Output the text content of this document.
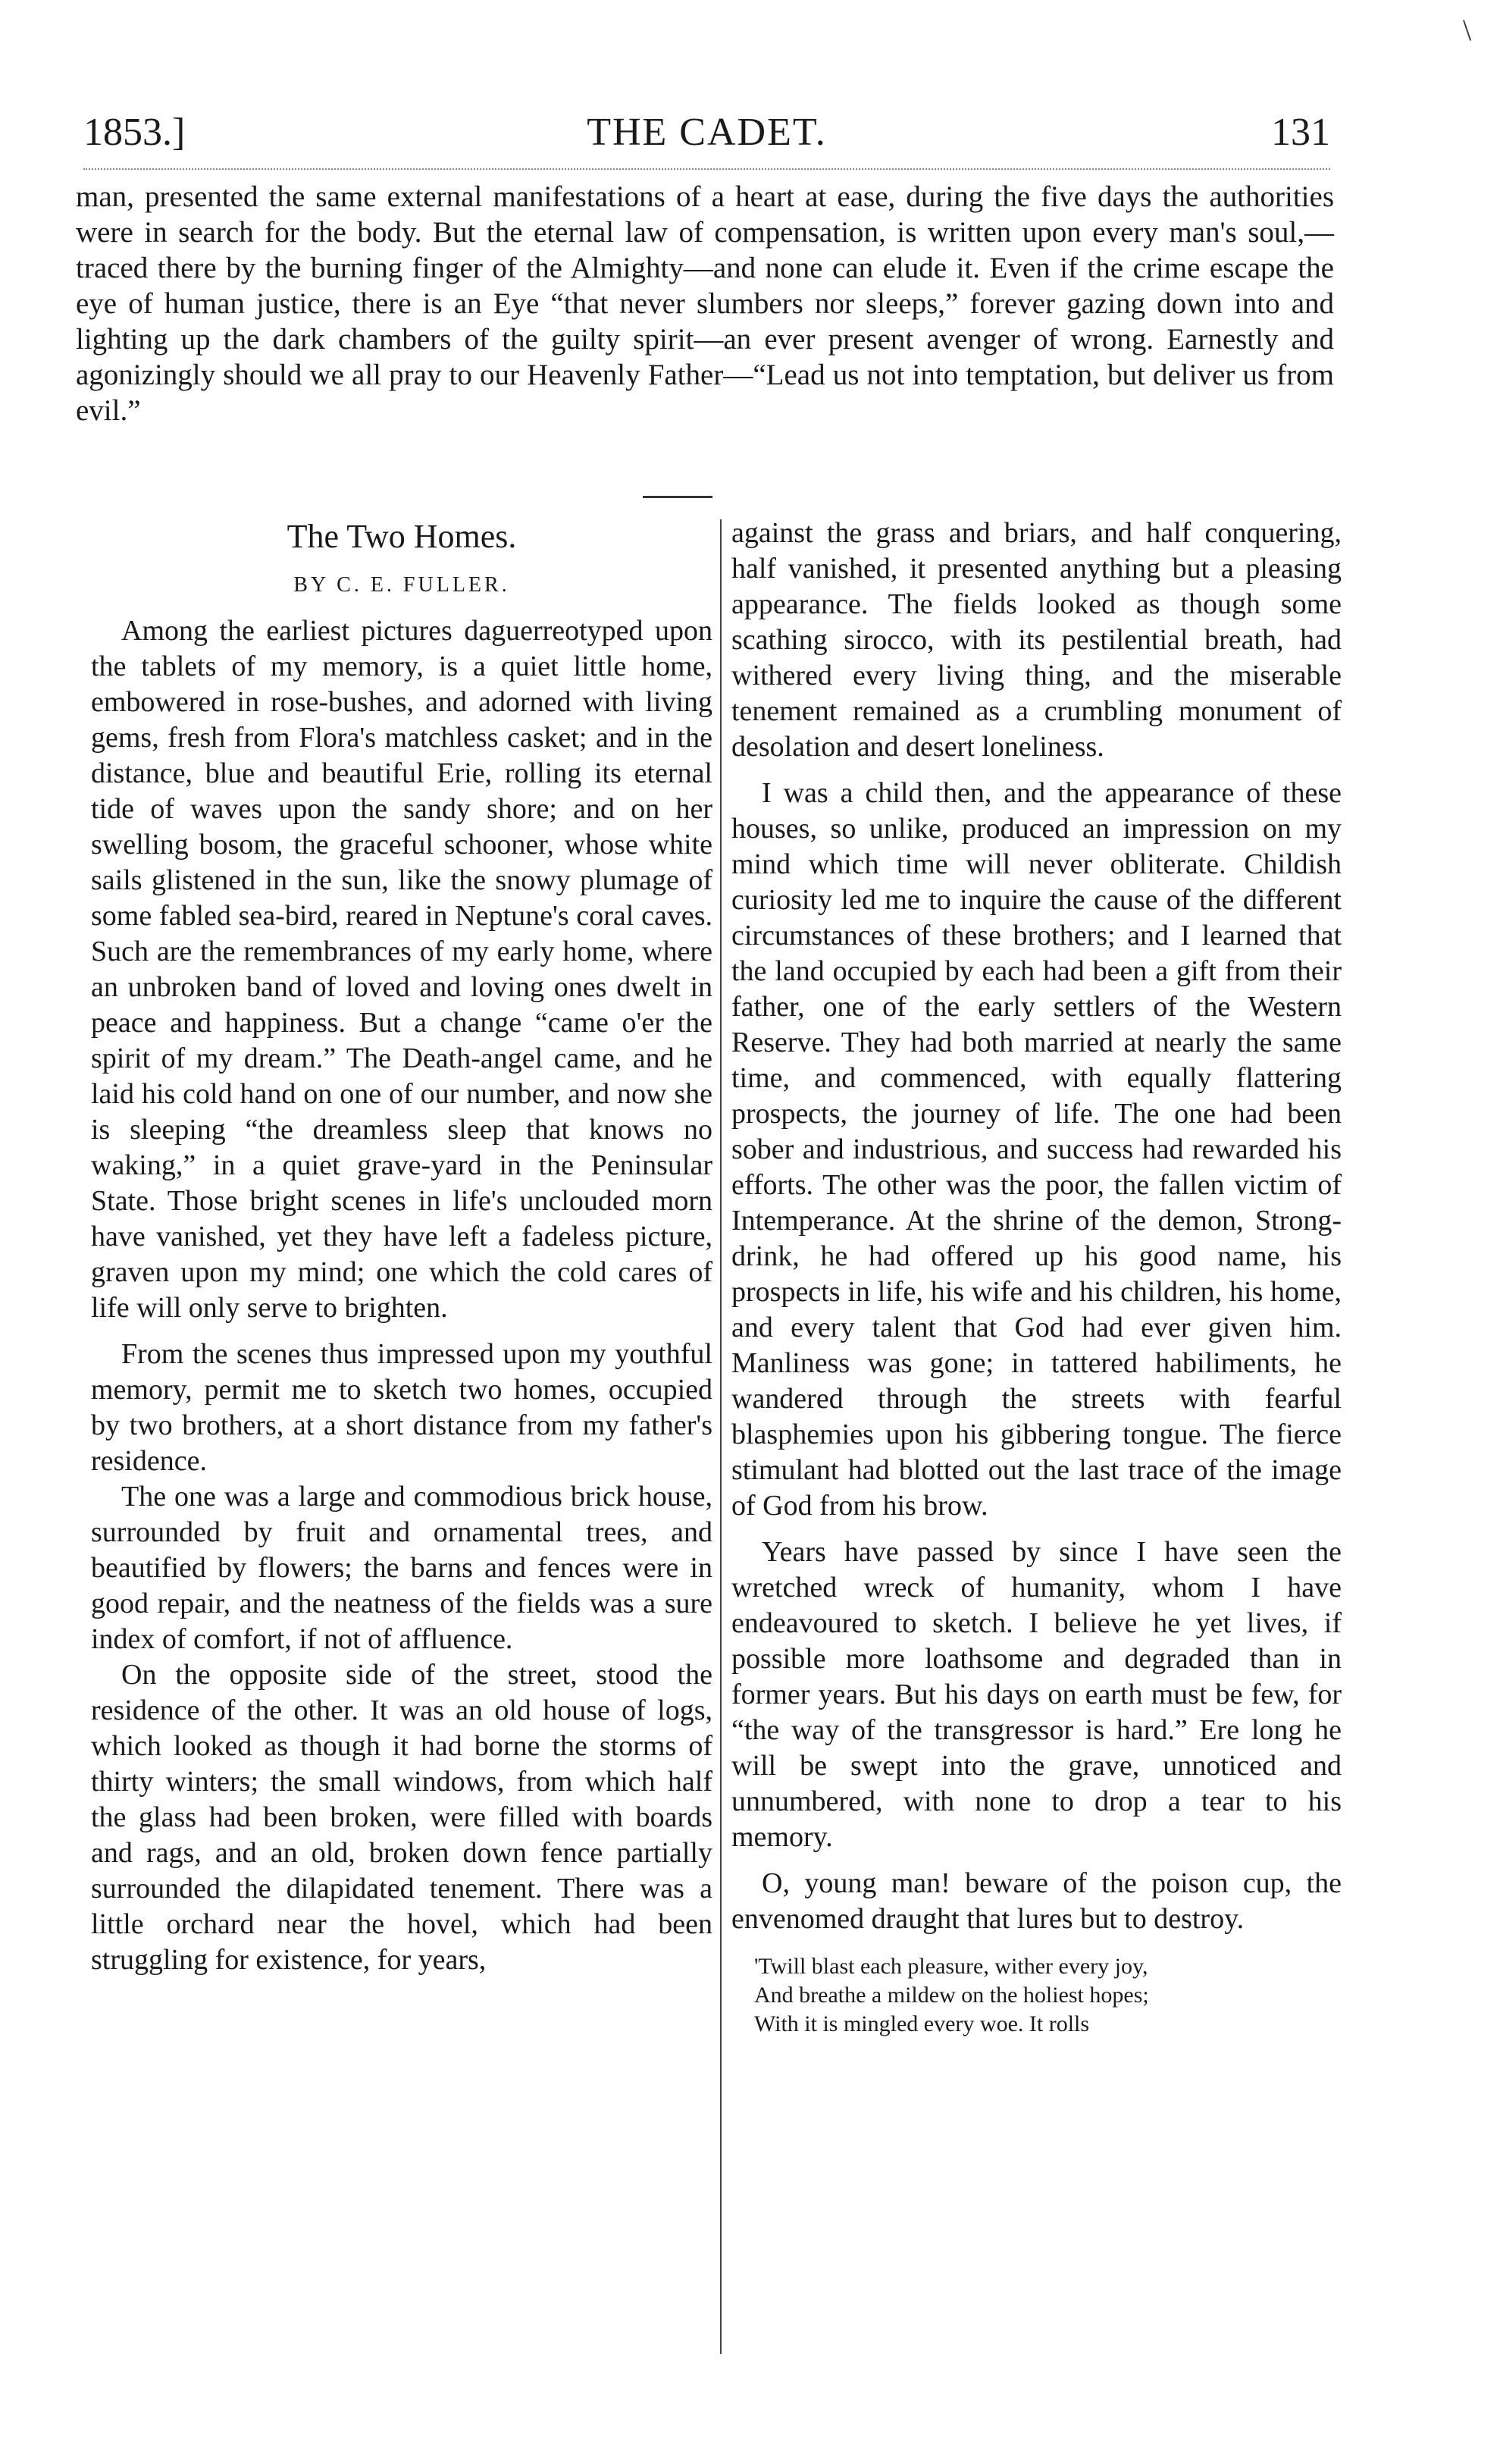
\
1853.]	THE CADET.	131

man, presented the same external manifestations of a heart at ease, during the five days the authorities were in search for the body. But the eternal law of compensation, is written upon every man's soul,—traced there by the burning finger of the Almighty—and none can elude it. Even if the crime escape the eye of human justice, there is an Eye “that never slumbers nor sleeps,” forever gazing down into and lighting up the dark chambers of the guilty spirit—an ever present avenger of wrong. Earnestly and agonizingly should we all pray to our Heavenly Father—“Lead us not into temptation, but deliver us from evil.”

The Two Homes.
BY C. E. FULLER.

Among the earliest pictures daguerreotyped upon the tablets of my memory, is a quiet little home, embowered in rose-bushes, and adorned with living gems, fresh from Flora's matchless casket; and in the distance, blue and beautiful Erie, rolling its eternal tide of waves upon the sandy shore; and on her swelling bosom, the graceful schooner, whose white sails glistened in the sun, like the snowy plumage of some fabled sea-bird, reared in Neptune's coral caves. Such are the remembrances of my early home, where an unbroken band of loved and loving ones dwelt in peace and happiness. But a change “came o'er the spirit of my dream.” The Death-angel came, and he laid his cold hand on one of our number, and now she is sleeping “the dreamless sleep that knows no waking,” in a quiet grave-yard in the Peninsular State. Those bright scenes in life's unclouded morn have vanished, yet they have left a fadeless picture, graven upon my mind; one which the cold cares of life will only serve to brighten.

From the scenes thus impressed upon my youthful memory, permit me to sketch two homes, occupied by two brothers, at a short distance from my father's residence.

The one was a large and commodious brick house, surrounded by fruit and ornamental trees, and beautified by flowers; the barns and fences were in good repair, and the neatness of the fields was a sure index of comfort, if not of affluence.

On the opposite side of the street, stood the residence of the other. It was an old house of logs, which looked as though it had borne the storms of thirty winters; the small windows, from which half the glass had been broken, were filled with boards and rags, and an old, broken down fence partially surrounded the dilapidated tenement. There was a little orchard near the hovel, which had been struggling for existence, for years,

against the grass and briars, and half conquering, half vanished, it presented anything but a pleasing appearance. The fields looked as though some scathing sirocco, with its pestilential breath, had withered every living thing, and the miserable tenement remained as a crumbling monument of desolation and desert loneliness.

I was a child then, and the appearance of these houses, so unlike, produced an impression on my mind which time will never obliterate. Childish curiosity led me to inquire the cause of the different circumstances of these brothers; and I learned that the land occupied by each had been a gift from their father, one of the early settlers of the Western Reserve. They had both married at nearly the same time, and commenced, with equally flattering prospects, the journey of life. The one had been sober and industrious, and success had rewarded his efforts. The other was the poor, the fallen victim of Intemperance. At the shrine of the demon, Strong-drink, he had offered up his good name, his prospects in life, his wife and his children, his home, and every talent that God had ever given him. Manliness was gone; in tattered habiliments, he wandered through the streets with fearful blasphemies upon his gibbering tongue. The fierce stimulant had blotted out the last trace of the image of God from his brow.

Years have passed by since I have seen the wretched wreck of humanity, whom I have endeavoured to sketch. I believe he yet lives, if possible more loathsome and degraded than in former years. But his days on earth must be few, for “the way of the transgressor is hard.” Ere long he will be swept into the grave, unnoticed and unnumbered, with none to drop a tear to his memory.

O, young man! beware of the poison cup, the envenomed draught that lures but to destroy.

'Twill blast each pleasure, wither every joy,
And breathe a mildew on the holiest hopes;
With it is mingled every woe. It rolls
